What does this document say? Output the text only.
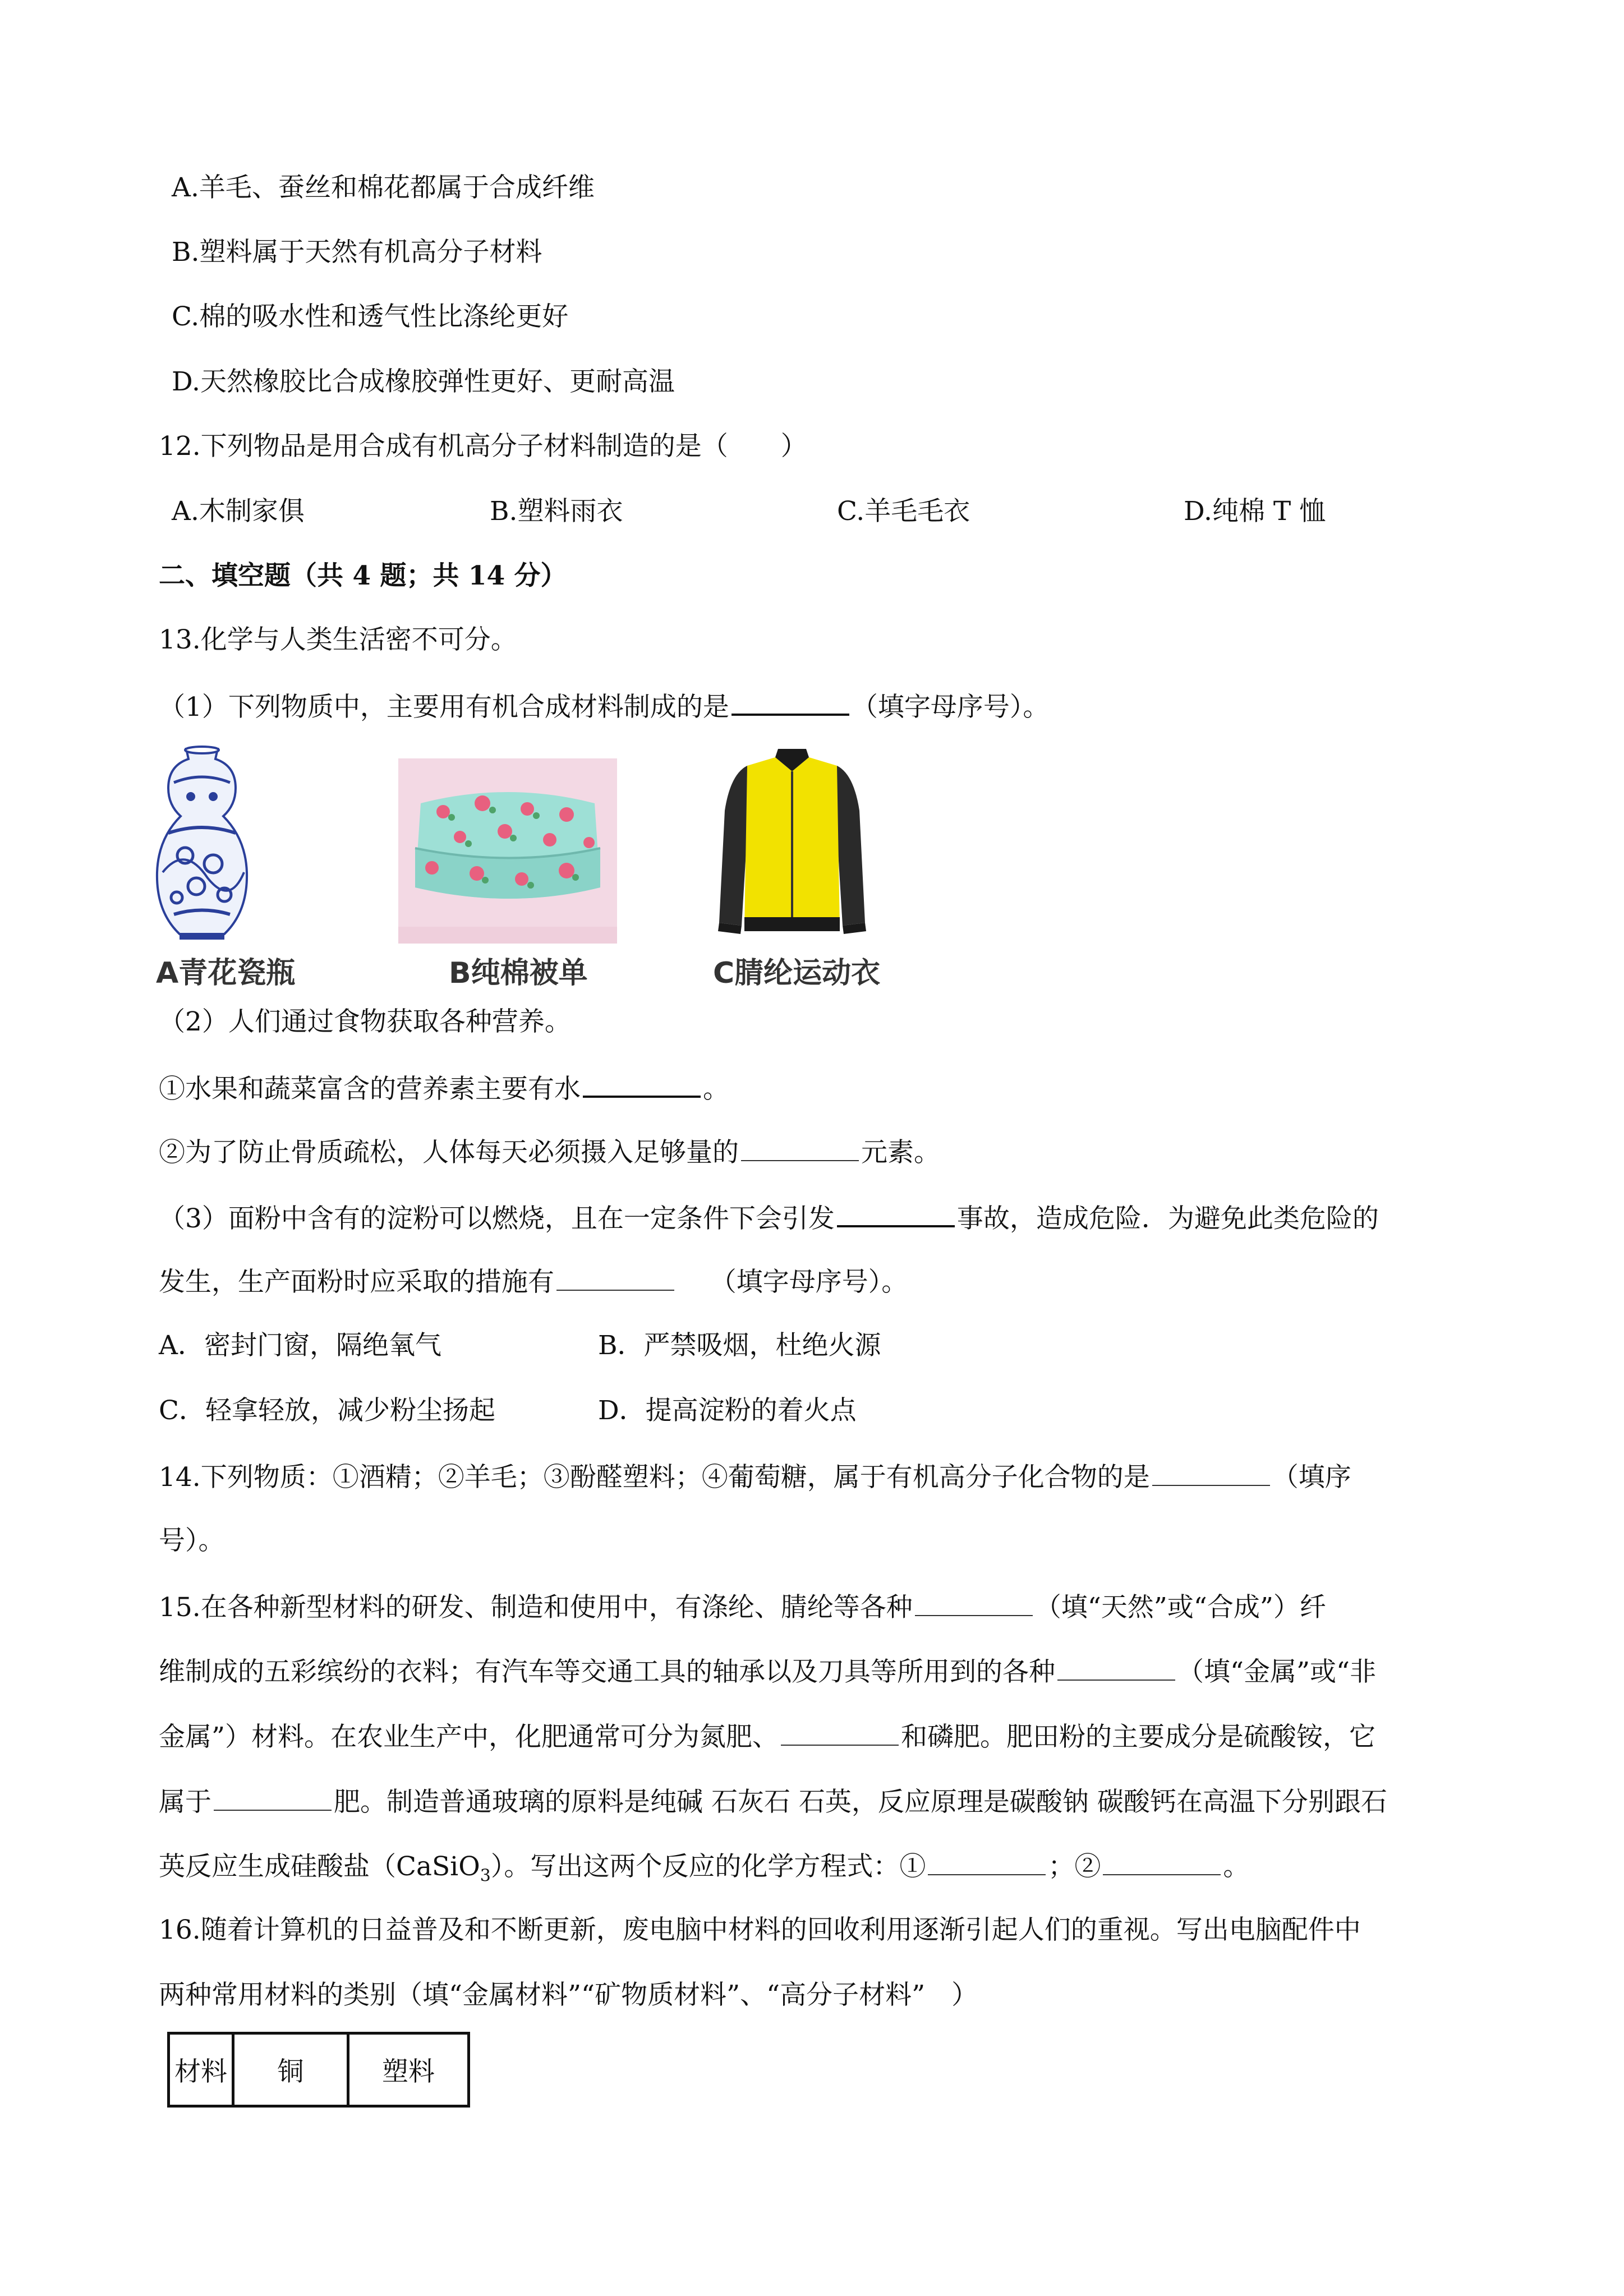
A.羊毛、蚕丝和棉花都属于合成纤维
B.塑料属于天然有机高分子材料
C.棉的吸水性和透气性比涤纶更好
D.天然橡胶比合成橡胶弹性更好、更耐高温
12.下列物品是用合成有机高分子材料制造的是（　　）
A.木制家俱	B.塑料雨衣	C.羊毛毛衣	D.纯棉 T 恤
二、填空题（共 4 题；共 14 分）
13.化学与人类生活密不可分。
（1）下列物质中，主要用有机合成材料制成的是	（填字母序号）。
A青花瓷瓶	B纯棉被单	C腈纶运动衣
（2）人们通过食物获取各种营养。
①水果和蔬菜富含的营养素主要有水	。
②为了防止骨质疏松，人体每天必须摄入足够量的	元素。
（3）面粉中含有的淀粉可以燃烧，且在一定条件下会引发	事故，造成危险．为避免此类危险的
发生，生产面粉时应采取的措施有	（填字母序号）。
A．密封门窗，隔绝氧气	B．严禁吸烟，杜绝火源
C．轻拿轻放，减少粉尘扬起	D．提高淀粉的着火点
14.下列物质：①酒精；②羊毛；③酚醛塑料；④葡萄糖，属于有机高分子化合物的是	（填序
号）。
15.在各种新型材料的研发、制造和使用中，有涤纶、腈纶等各种	（填“天然”或“合成”）纤
维制成的五彩缤纷的衣料；有汽车等交通工具的轴承以及刀具等所用到的各种	（填“金属”或“非
金属”）材料。在农业生产中，化肥通常可分为氮肥、	和磷肥。肥田粉的主要成分是硫酸铵，它
属于	肥。制造普通玻璃的原料是纯碱 石灰石 石英，反应原理是碳酸钠 碳酸钙在高温下分别跟石
英反应生成硅酸盐（CaSiO$_3$）。写出这两个反应的化学方程式：①	；②	。
16.随着计算机的日益普及和不断更新，废电脑中材料的回收利用逐渐引起人们的重视。写出电脑配件中
两种常用材料的类别（填“金属材料”“矿物质材料”、“高分子材料”　）
材料	铜	塑料
